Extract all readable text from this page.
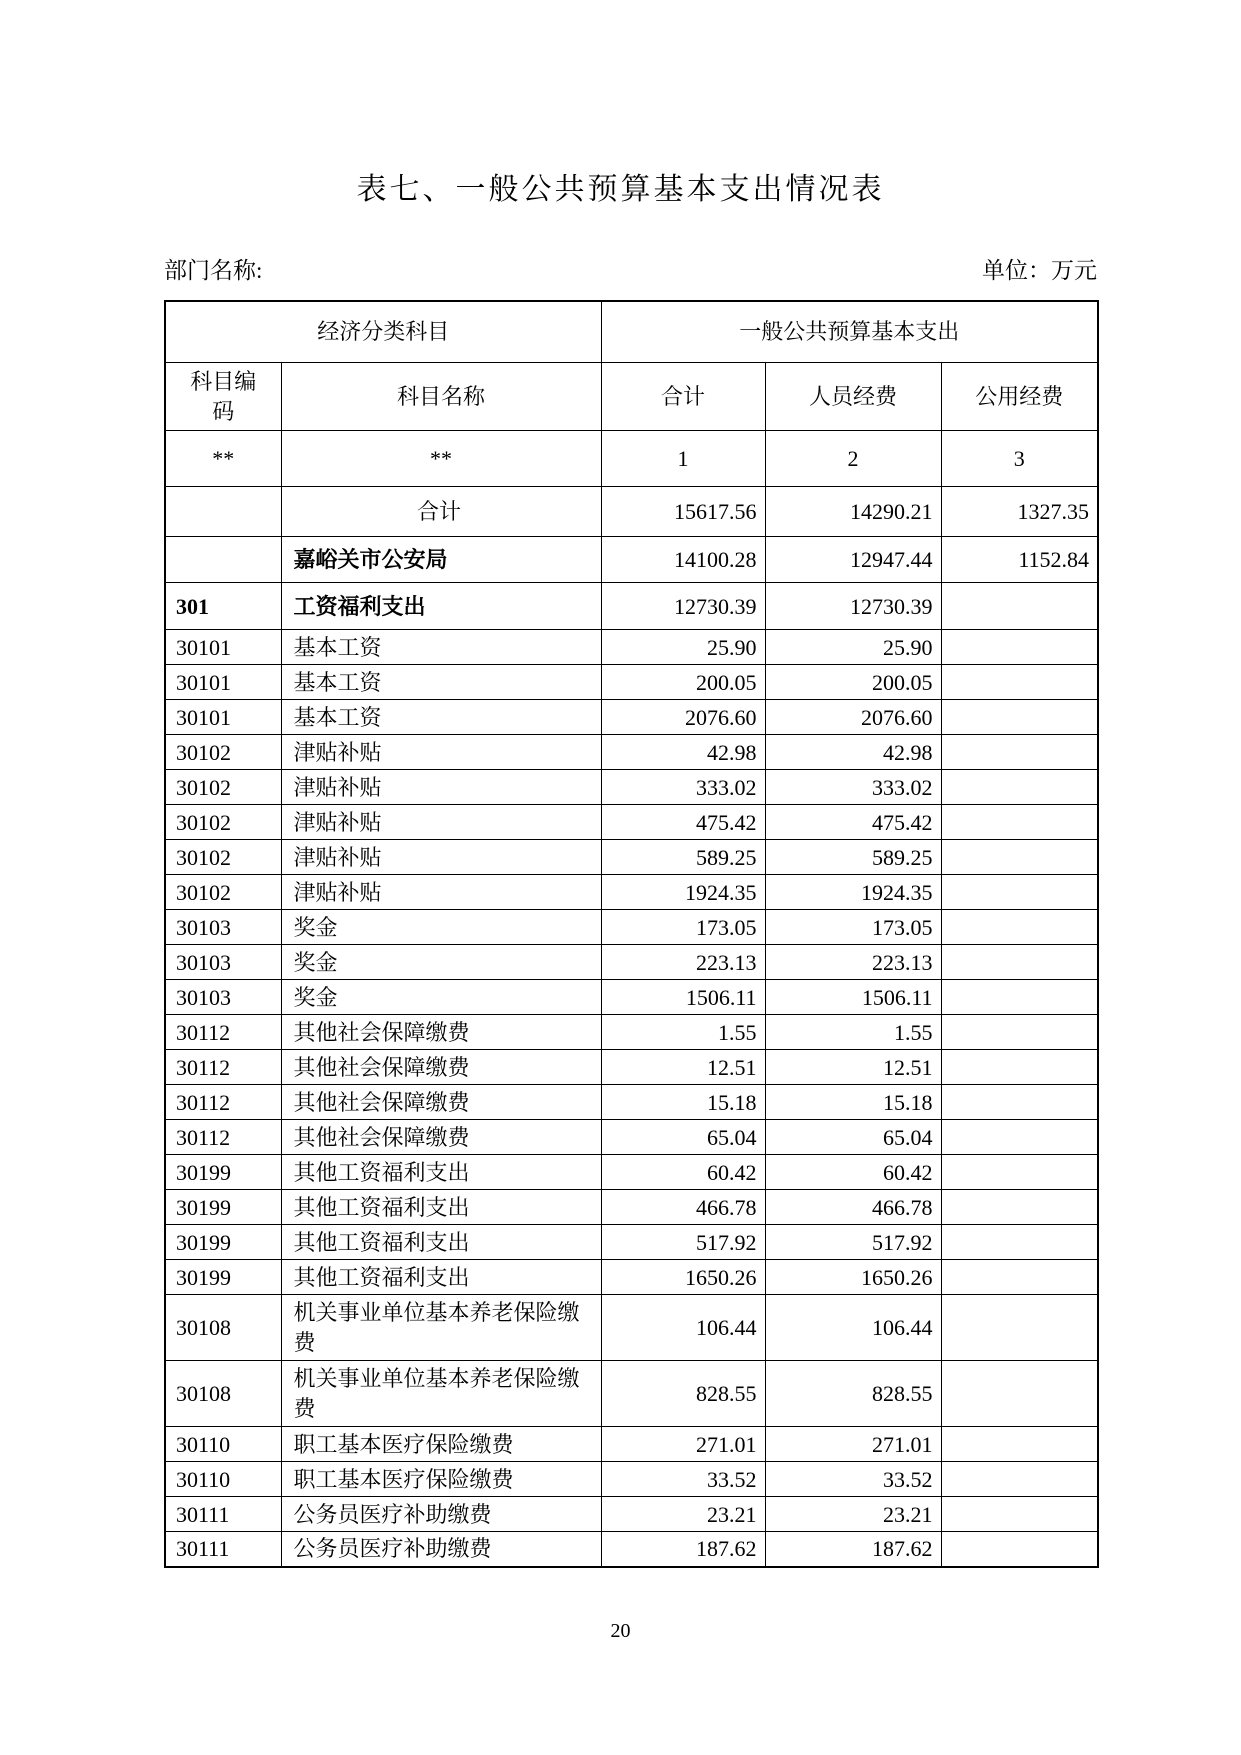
表七、一般公共预算基本支出情况表
部门名称:	单位：万元
经济分类科目		一般公共预算基本支出		
科目编码	科目名称	合计	人员经费	公用经费
**	**	1	2	3
	合计	15617.56	14290.21	1327.35
	嘉峪关市公安局	14100.28	12947.44	1152.84
301	工资福利支出	12730.39	12730.39	
30101	基本工资	25.90	25.90	
30101	基本工资	200.05	200.05	
30101	基本工资	2076.60	2076.60	
30102	津贴补贴	42.98	42.98	
30102	津贴补贴	333.02	333.02	
30102	津贴补贴	475.42	475.42	
30102	津贴补贴	589.25	589.25	
30102	津贴补贴	1924.35	1924.35	
30103	奖金	173.05	173.05	
30103	奖金	223.13	223.13	
30103	奖金	1506.11	1506.11	
30112	其他社会保障缴费	1.55	1.55	
30112	其他社会保障缴费	12.51	12.51	
30112	其他社会保障缴费	15.18	15.18	
30112	其他社会保障缴费	65.04	65.04	
30199	其他工资福利支出	60.42	60.42	
30199	其他工资福利支出	466.78	466.78	
30199	其他工资福利支出	517.92	517.92	
30199	其他工资福利支出	1650.26	1650.26	
30108	机关事业单位基本养老保险缴费	106.44	106.44	
30108	机关事业单位基本养老保险缴费	828.55	828.55	
30110	职工基本医疗保险缴费	271.01	271.01	
30110	职工基本医疗保险缴费	33.52	33.52	
30111	公务员医疗补助缴费	23.21	23.21	
30111	公务员医疗补助缴费	187.62	187.62	
20
